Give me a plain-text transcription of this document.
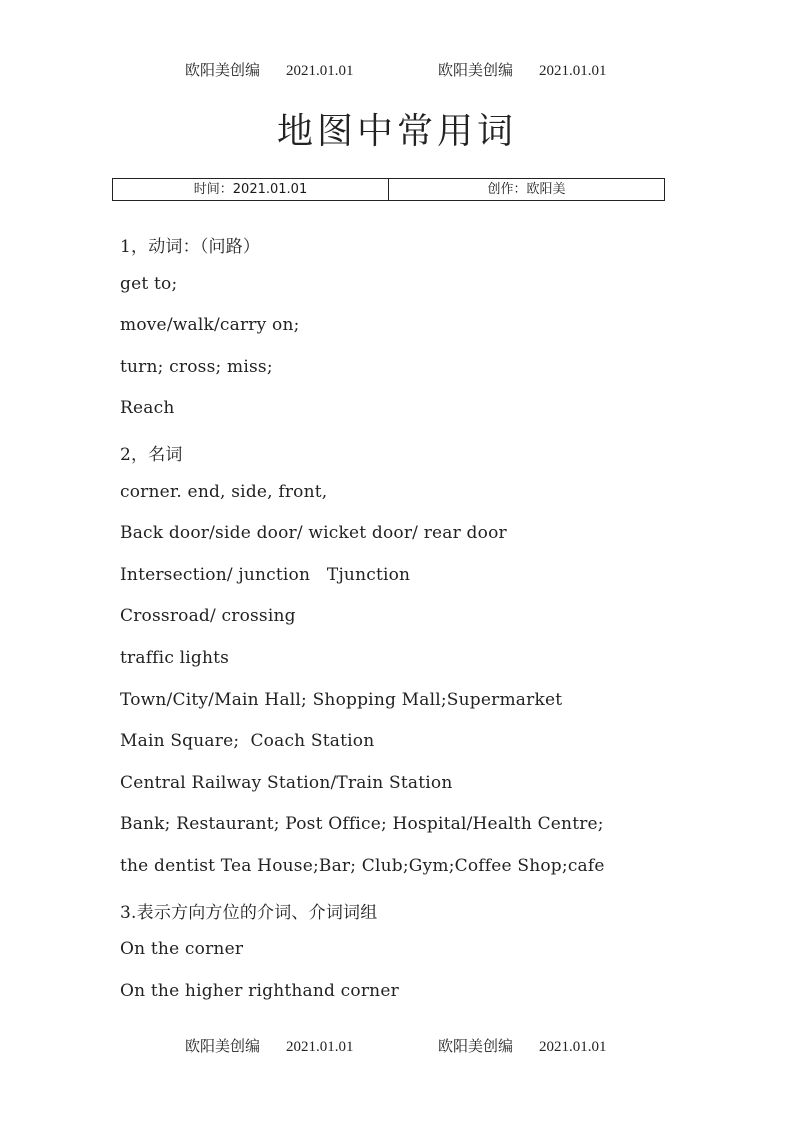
欧阳美创编 2021.01.01	欧阳美创编 2021.01.01
地图中常用词
时间：2021.01.01	创作：欧阳美
1，动词：（问路）
get to;
move/walk/carry on;
turn; cross; miss;
Reach
2，名词
corner. end, side, front,
Back door/side door/ wicket door/ rear door
Intersection/ junction   Tjunction
Crossroad/ crossing
traffic lights
Town/City/Main Hall; Shopping Mall;Supermarket
Main Square;  Coach Station
Central Railway Station/Train Station
Bank; Restaurant; Post Office; Hospital/Health Centre;
the dentist Tea House;Bar; Club;Gym;Coffee Shop;cafe
3.表示方向方位的介词、介词词组
On the corner
On the higher righthand corner
欧阳美创编 2021.01.01	欧阳美创编 2021.01.01
